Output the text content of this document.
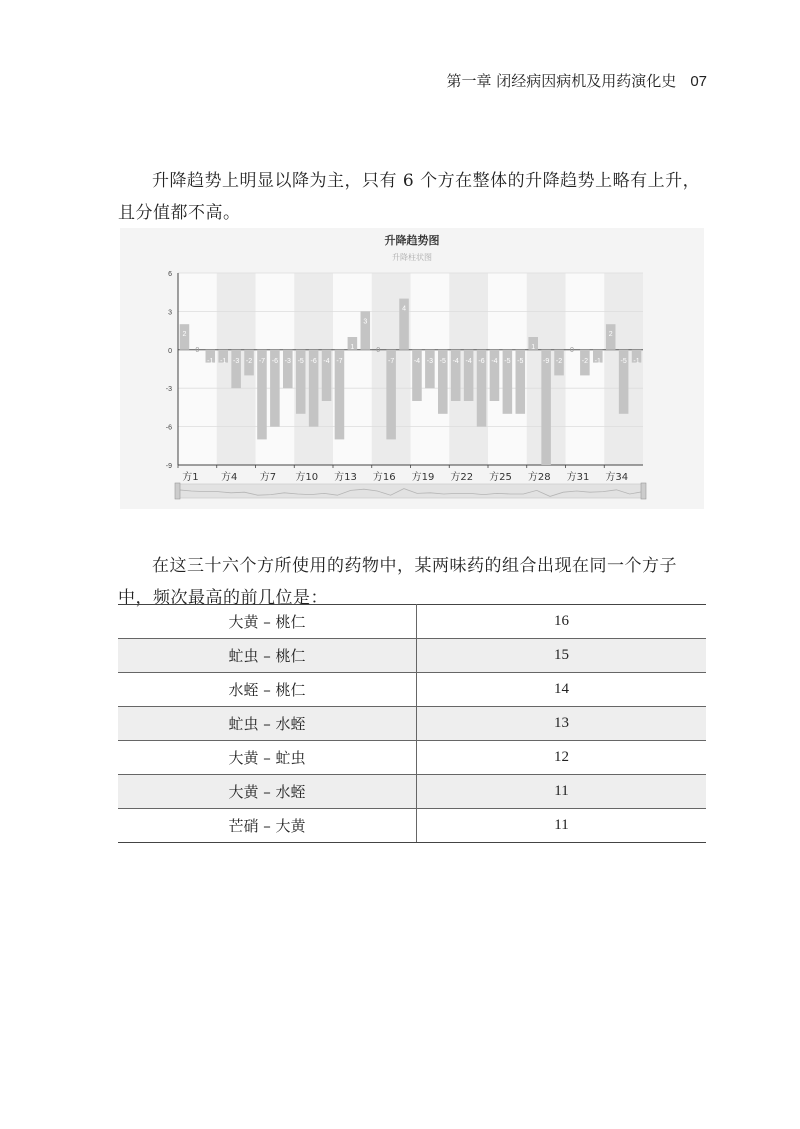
第一章 闭经病因病机及用药演化史 07

升降趋势上明显以降为主，只有 6 个方在整体的升降趋势上略有上升，且分值都不高。

升降趋势图
升降柱状图
6
3
0
-3
-6
-9
2
0
-1 -1 -3 -2 -7 -6 -3 -5 -6 -4 -7
1
3
0
-7
4
-4 -3 -5 -4 -4 -6 -4 -5 -5
1
-9 -2
0
-2 -1
2
-5 -1
方1 方4 方7 方10 方13 方16 方19 方22 方25 方28 方31 方34

在这三十六个方所使用的药物中，某两味药的组合出现在同一个方子中，频次最高的前几位是：

大黄 – 桃仁	16
虻虫 – 桃仁	15
水蛭 – 桃仁	14
虻虫 – 水蛭	13
大黄 – 虻虫	12
大黄 – 水蛭	11
芒硝 – 大黄	11
